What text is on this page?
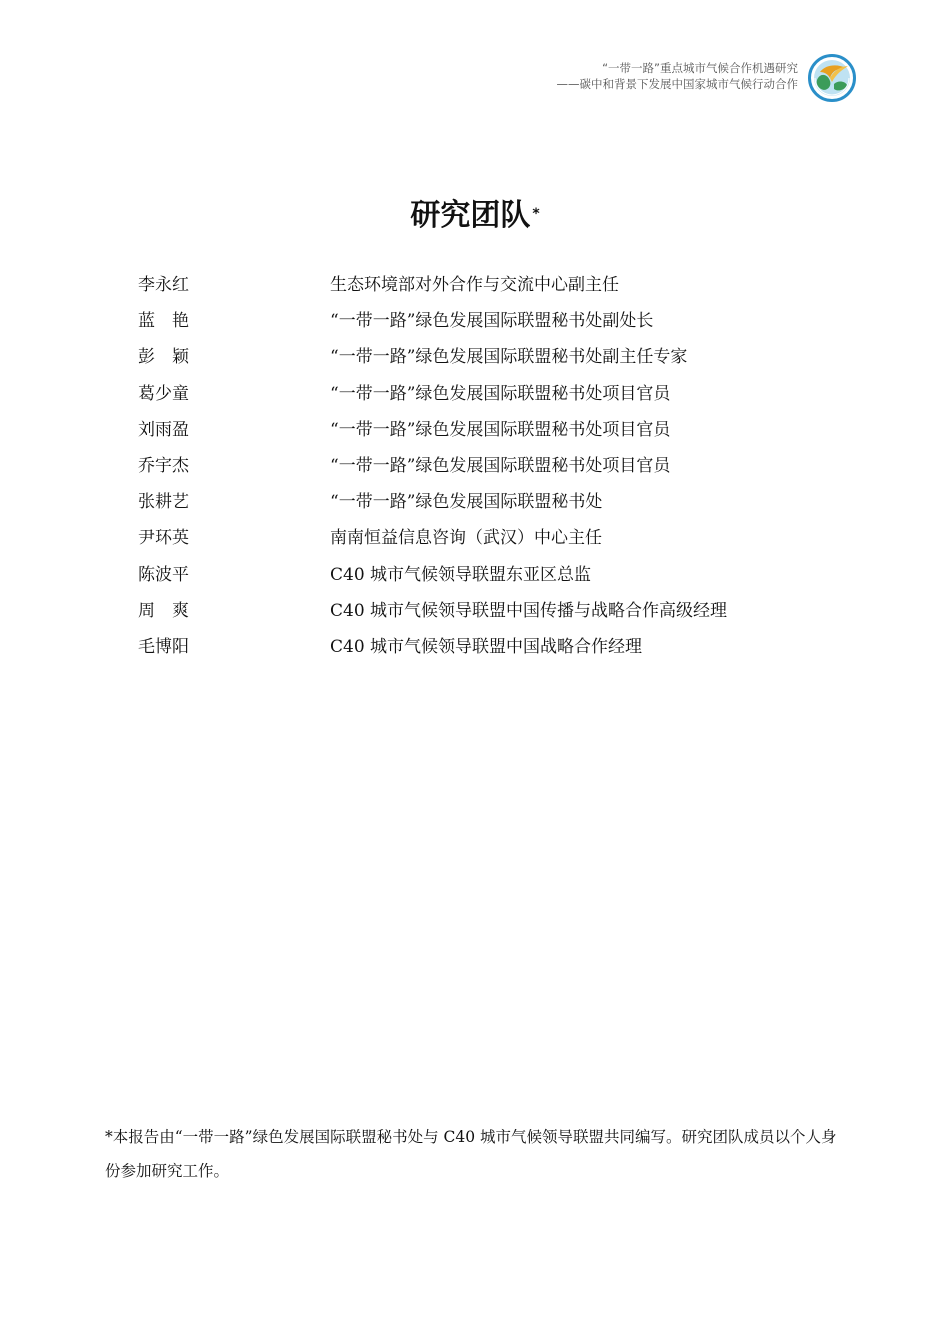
“一带一路”重点城市气候合作机遇研究
——碳中和背景下发展中国家城市气候行动合作
研究团队 *
李永红	生态环境部对外合作与交流中心副主任
蓝　艳	“一带一路”绿色发展国际联盟秘书处副处长
彭　颖	“一带一路”绿色发展国际联盟秘书处副主任专家
葛少童	“一带一路”绿色发展国际联盟秘书处项目官员
刘雨盈	“一带一路”绿色发展国际联盟秘书处项目官员
乔宇杰	“一带一路”绿色发展国际联盟秘书处项目官员
张耕艺	“一带一路”绿色发展国际联盟秘书处
尹环英	南南恒益信息咨询（武汉）中心主任
陈波平	C40 城市气候领导联盟东亚区总监
周　爽	C40 城市气候领导联盟中国传播与战略合作高级经理
毛博阳	C40 城市气候领导联盟中国战略合作经理
*本报告由“一带一路”绿色发展国际联盟秘书处与 C40 城市气候领导联盟共同编写。研究团队成员以个人身份参加研究工作。
